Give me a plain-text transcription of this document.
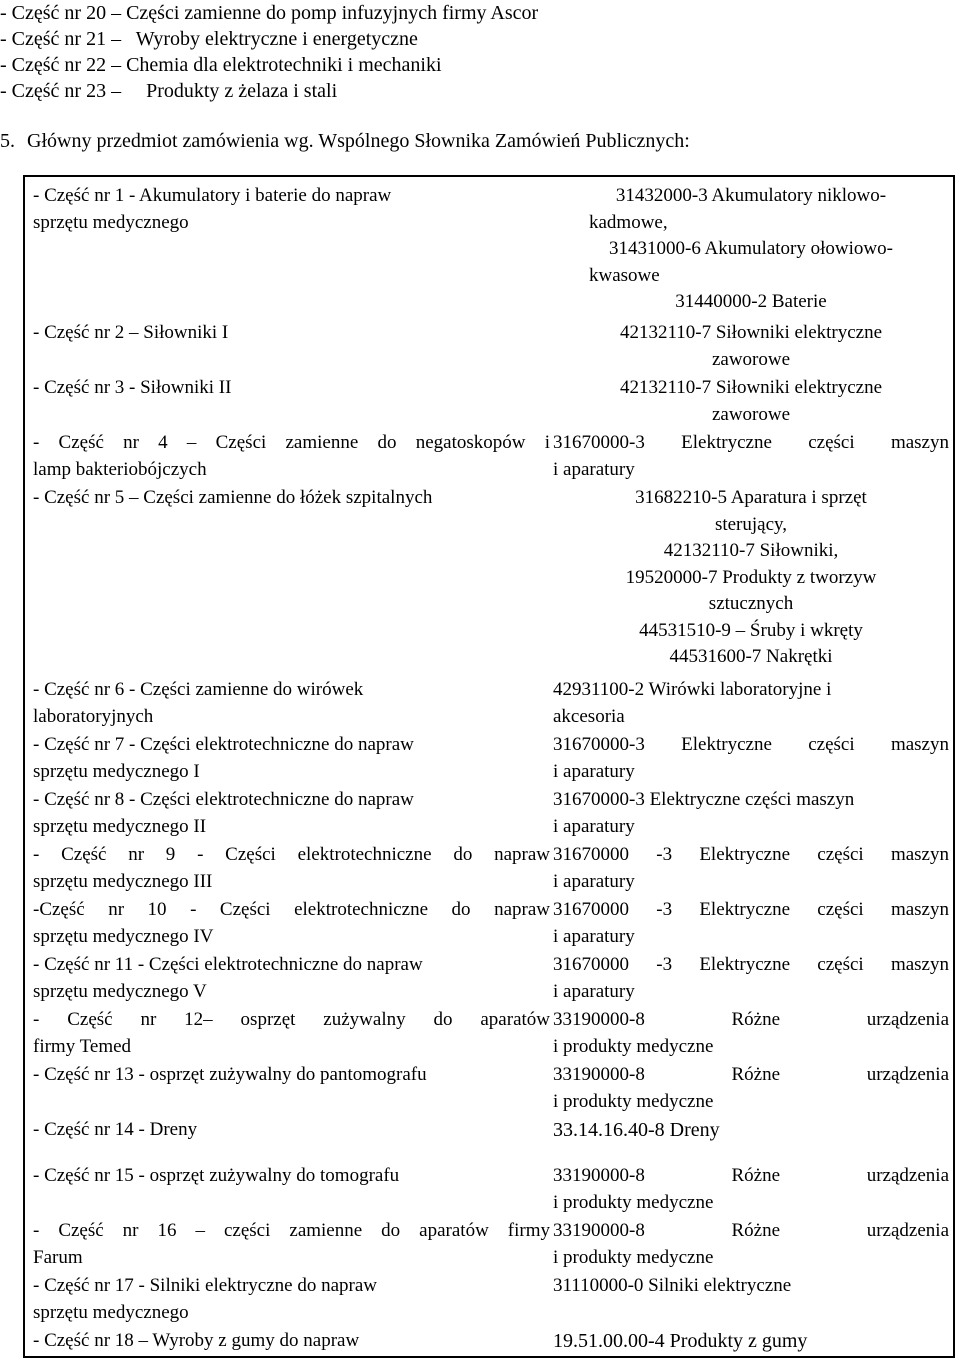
- Część nr 20 – Części zamienne do pomp infuzyjnych firmy Ascor
- Część nr 21 –   Wyroby elektryczne i energetyczne
- Część nr 22 – Chemia dla elektrotechniki i mechaniki
- Część nr 23 –     Produkty z żelaza i stali
5. Główny przedmiot zamówienia wg. Wspólnego Słownika Zamówień Publicznych:
- Część nr 1 - Akumulatory i baterie do napraw
sprzętu medycznego
31432000-3 Akumulatory niklowo-
kadmowe,
31431000-6 Akumulatory ołowiowo-
kwasowe
31440000-2 Baterie
- Część nr 2 – Siłowniki I	42132110-7 Siłowniki elektryczne
zaworowe
- Część nr 3 - Siłowniki II	42132110-7 Siłowniki elektryczne
zaworowe
- Część nr 4 – Części zamienne do negatoskopów i
lamp bakteriobójczych
31670000-3 Elektryczne części maszyn
i aparatury
- Część nr 5 – Części zamienne do łóżek szpitalnych	31682210-5 Aparatura i sprzęt
sterujący,
42132110-7 Siłowniki,
19520000-7 Produkty z tworzyw
sztucznych
44531510-9 – Śruby i wkręty
44531600-7 Nakrętki
- Część nr 6 - Części zamienne do wirówek
laboratoryjnych
42931100-2 Wirówki laboratoryjne i
akcesoria
- Część nr 7 - Części elektrotechniczne do napraw
sprzętu medycznego I
31670000-3 Elektryczne części maszyn
i aparatury
- Część nr 8 - Części elektrotechniczne do napraw
sprzętu medycznego II
31670000-3 Elektryczne części maszyn
i aparatury
- Część nr 9 - Części elektrotechniczne do napraw
sprzętu medycznego III
31670000 -3 Elektryczne części maszyn
i aparatury
-Część nr 10 - Części elektrotechniczne do napraw
sprzętu medycznego IV
31670000 -3 Elektryczne części maszyn
i aparatury
- Część nr 11 - Części elektrotechniczne do napraw
sprzętu medycznego V
31670000 -3 Elektryczne części maszyn
i aparatury
- Część nr 12– osprzęt zużywalny do aparatów
firmy Temed
33190000-8 Różne urządzenia
i produkty medyczne
- Część nr 13 - osprzęt zużywalny do pantomografu	33190000-8 Różne urządzenia
i produkty medyczne
- Część nr 14 - Dreny	33.14.16.40-8 Dreny
- Część nr 15 - osprzęt zużywalny do tomografu	33190000-8 Różne urządzenia
i produkty medyczne
- Część nr 16 – części zamienne do aparatów firmy
Farum
33190000-8 Różne urządzenia
i produkty medyczne
- Część nr 17 - Silniki elektryczne do napraw
sprzętu medycznego
31110000-0 Silniki elektryczne
- Część nr 18 – Wyroby z gumy do napraw	19.51.00.00-4 Produkty z gumy
